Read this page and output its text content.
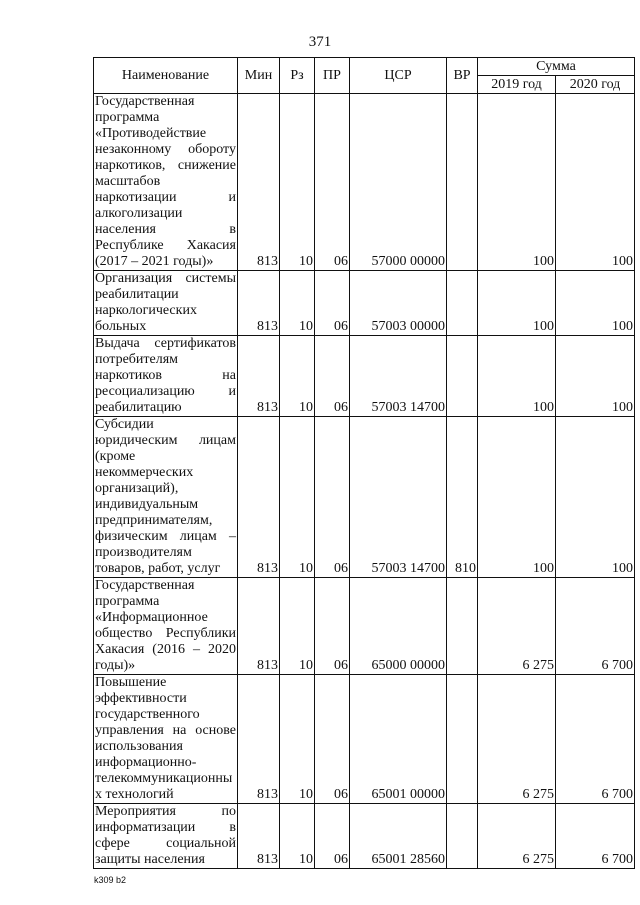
371
Наименование	Мин	Рз	ПР	ЦСР	ВР	Сумма	
						2019 год	2020 год
Государственная программа «Противодействие незаконному обороту наркотиков, снижение масштабов наркотизации и алкоголизации населения в Республике Хакасия (2017 – 2021 годы)»	813	10	06	57000 00000		100	100
Организация системы реабилитации наркологических больных	813	10	06	57003 00000		100	100
Выдача сертификатов потребителям наркотиков на ресоциализацию и реабилитацию	813	10	06	57003 14700		100	100
Субсидии юридическим лицам (кроме некоммерческих организаций), индивидуальным предпринимателям, физическим лицам – производителям товаров, работ, услуг	813	10	06	57003 14700	810	100	100
Государственная программа «Информационное общество Республики Хакасия (2016 – 2020 годы)»	813	10	06	65000 00000		6 275	6 700
Повышение эффективности государственного управления на основе использования информационно-телекоммуникационных технологий	813	10	06	65001 00000		6 275	6 700
Мероприятия по информатизации в сфере социальной защиты населения	813	10	06	65001 28560		6 275	6 700
k309 b2
